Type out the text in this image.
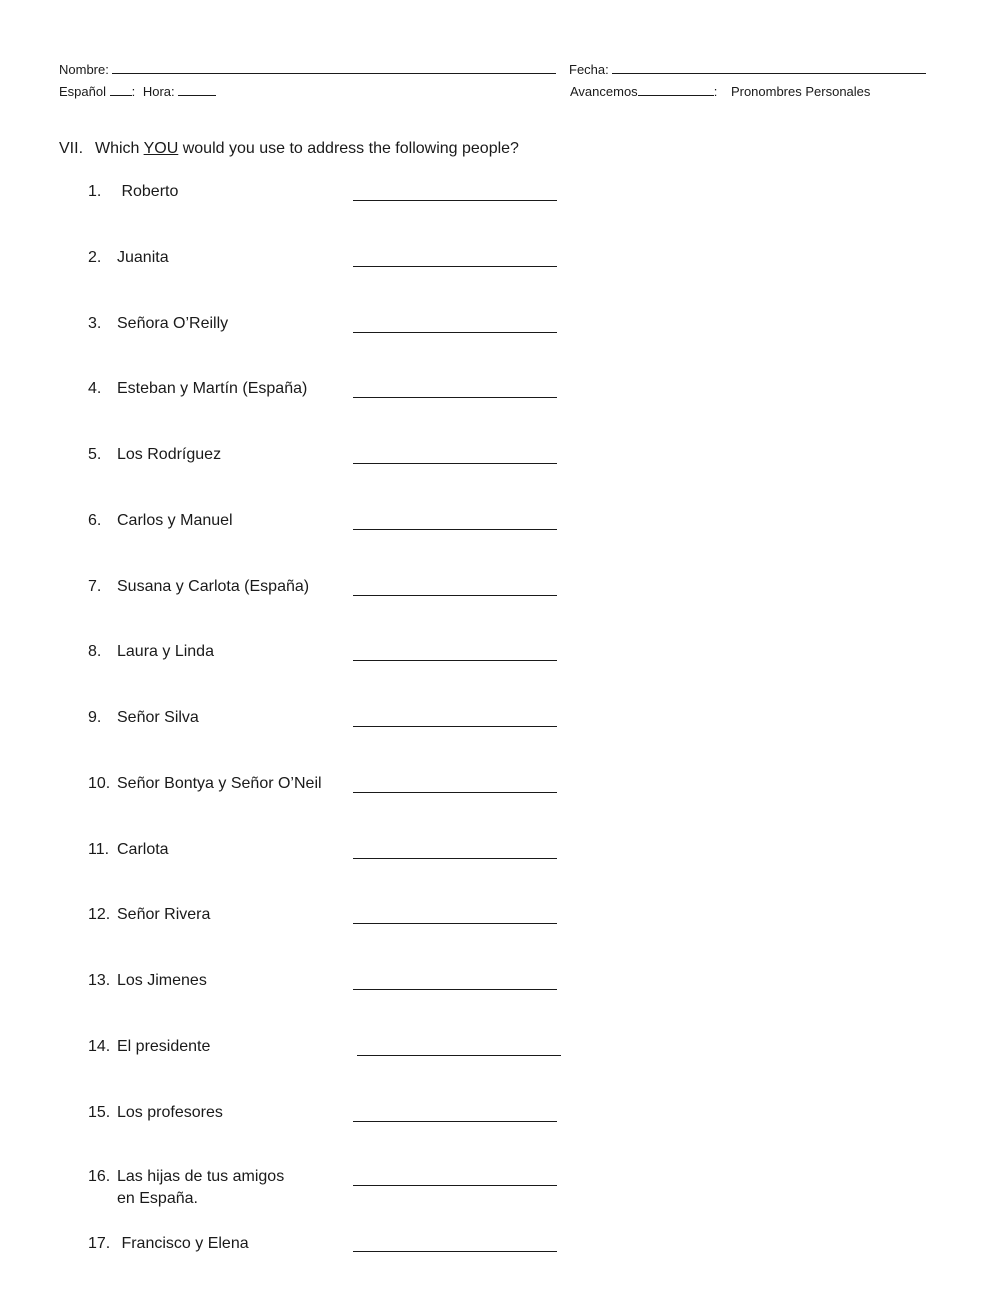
Nombre:	Fecha:
Español : Hora:	Avancemos	: Pronombres Personales
VII. Which YOU would you use to address the following people?
1. Roberto
2. Juanita
3. Señora O’Reilly
4. Esteban y Martín (España)
5. Los Rodríguez
6. Carlos y Manuel
7. Susana y Carlota (España)
8. Laura y Linda
9. Señor Silva
10. Señor Bontya y Señor O’Neil
11. Carlota
12. Señor Rivera
13. Los Jimenes
14. El presidente
15. Los profesores
16. Las hijas de tus amigos
en España.
17. Francisco y Elena
